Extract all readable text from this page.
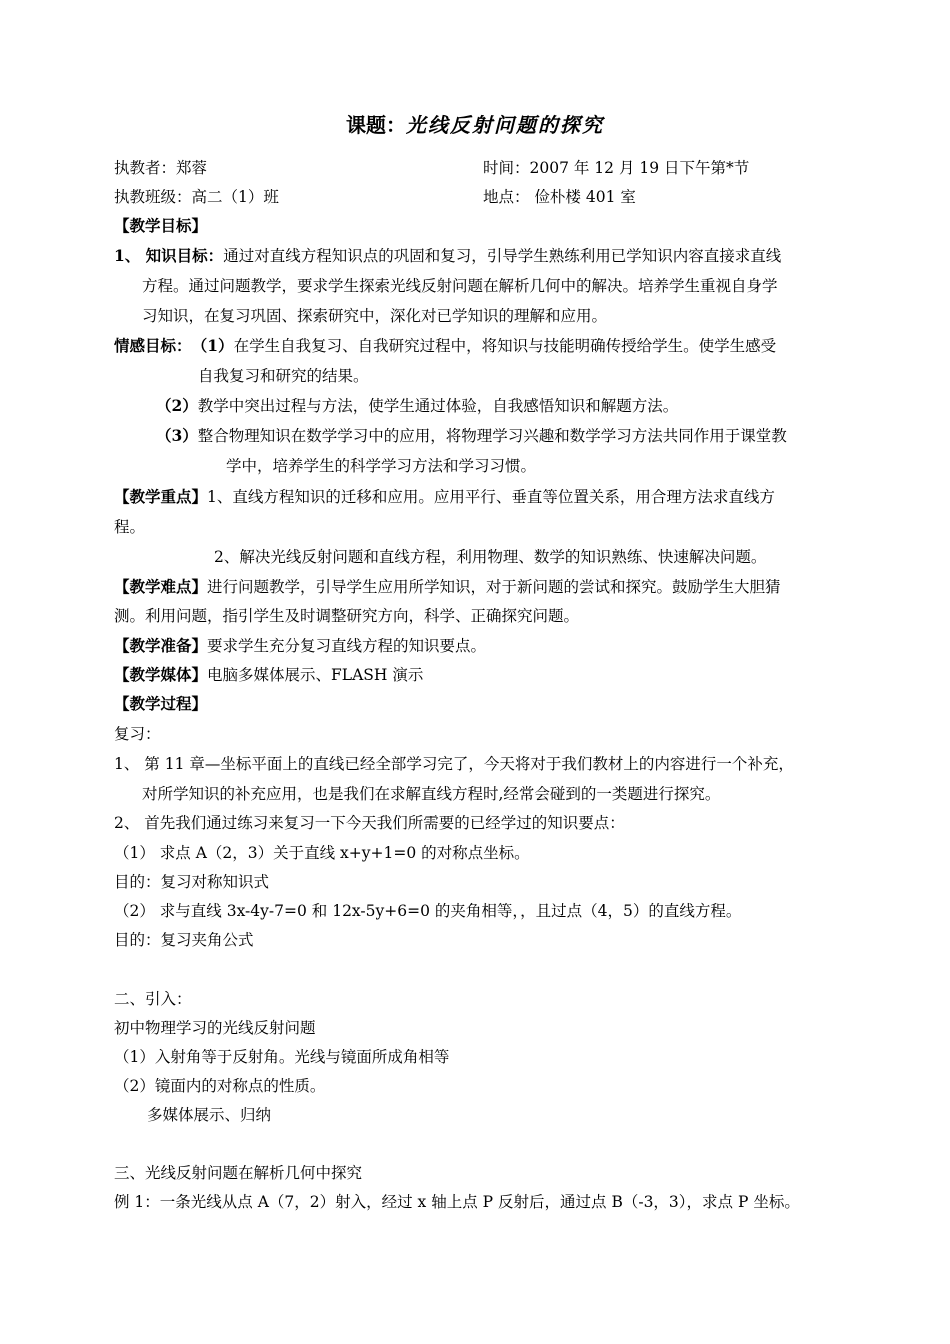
课题：光线反射问题的探究
执教者：郑蓉	时间：2007 年 12 月 19 日下午第*节
执教班级：高二（1）班	地点： 俭朴楼 401 室
【教学目标】
1、 知识目标：通过对直线方程知识点的巩固和复习，引导学生熟练利用已学知识内容直接求直线
方程。通过问题教学，要求学生探索光线反射问题在解析几何中的解决。培养学生重视自身学
习知识，在复习巩固、探索研究中，深化对已学知识的理解和应用。
情感目标： （1）在学生自我复习、自我研究过程中，将知识与技能明确传授给学生。使学生感受
自我复习和研究的结果。
（2）教学中突出过程与方法，使学生通过体验，自我感悟知识和解题方法。
（3）整合物理知识在数学学习中的应用，将物理学习兴趣和数学学习方法共同作用于课堂教
学中，培养学生的科学学习方法和学习习惯。
【教学重点】1、直线方程知识的迁移和应用。应用平行、垂直等位置关系，用合理方法求直线方
程。
2、解决光线反射问题和直线方程，利用物理、数学的知识熟练、快速解决问题。
【教学难点】进行问题教学，引导学生应用所学知识，对于新问题的尝试和探究。鼓励学生大胆猜
测。利用问题，指引学生及时调整研究方向，科学、正确探究问题。
【教学准备】要求学生充分复习直线方程的知识要点。
【教学媒体】电脑多媒体展示、FLASH 演示
【教学过程】
复习：
1、 第 11 章—坐标平面上的直线已经全部学习完了，今天将对于我们教材上的内容进行一个补充，
对所学知识的补充应用，也是我们在求解直线方程时,经常会碰到的一类题进行探究。
2、 首先我们通过练习来复习一下今天我们所需要的已经学过的知识要点：
（1） 求点 A（2，3）关于直线 x+y+1=0 的对称点坐标。
目的：复习对称知识式
（2） 求与直线 3x-4y-7=0 和 12x-5y+6=0 的夹角相等，，且过点（4，5）的直线方程。
目的：复习夹角公式
二、引入：
初中物理学习的光线反射问题
（1）入射角等于反射角。光线与镜面所成角相等
（2）镜面内的对称点的性质。
多媒体展示、归纳
三、光线反射问题在解析几何中探究
例 1：一条光线从点 A（7，2）射入，经过 x 轴上点 P 反射后，通过点 B（-3，3），求点 P 坐标。
